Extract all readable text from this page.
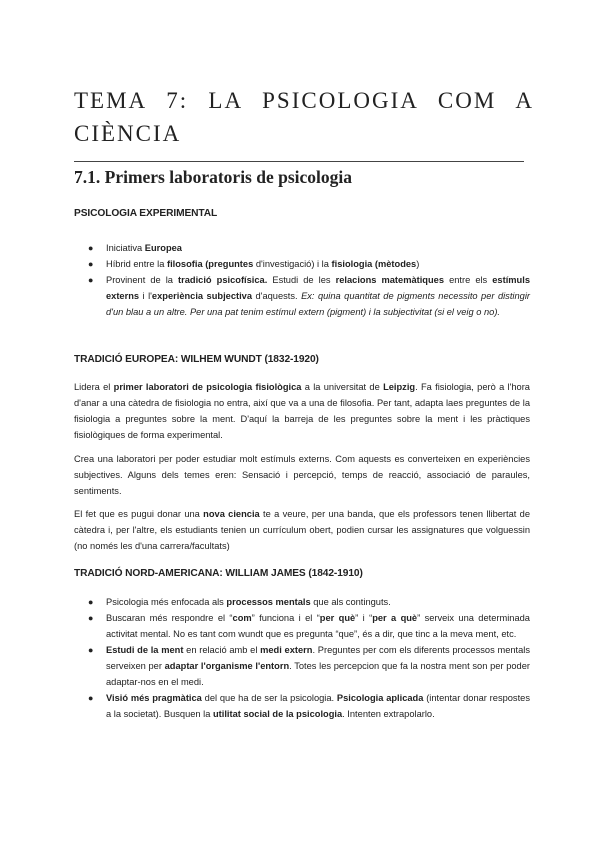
TEMA 7: LA PSICOLOGIA COM A CIÈNCIA
7.1. Primers laboratoris de psicologia
PSICOLOGIA EXPERIMENTAL
● Iniciativa Europea
● Híbrid entre la filosofia (preguntes d'investigació) i la fisiologia (mètodes)
● Provinent de la tradició psicofísica. Estudi de les relacions matemàtiques entre els estímuls externs i l'experiència subjectiva d'aquests. Ex: quina quantitat de pigments necessito per distingir d'un blau a un altre. Per una pat tenim estímul extern (pigment) i la subjectivitat (si el veig o no).
TRADICIÓ EUROPEA: WILHEM WUNDT (1832-1920)

Lidera el primer laboratori de psicologia fisiològica a la universitat de Leipzig. Fa fisiologia, però a l'hora d'anar a una càtedra de fisiologia no entra, així que va a una de filosofia. Per tant, adapta laes preguntes de la fisiologia a preguntes sobre la ment. D'aquí la barreja de les preguntes sobre la ment i les pràctiques fisiològiques de forma experimental.

Crea una laboratori per poder estudiar molt estímuls externs. Com aquests es converteixen en experiències subjectives. Alguns dels temes eren: Sensació i percepció, temps de reacció, associació de paraules, sentiments.

El fet que es pugui donar una nova ciencia te a veure, per una banda, que els professors tenen llibertat de càtedra i, per l'altre, els estudiants tenien un currículum obert, podien cursar les assignatures que volguessin (no només les d'una carrera/facultats)

TRADICIÓ NORD-AMERICANA: WILLIAM JAMES (1842-1910)
● Psicologia més enfocada als processos mentals que als continguts.
● Buscaran més respondre el “com” funciona i el “per què” i “per a què” serveix una determinada activitat mental. No es tant com wundt que es pregunta “que”, és a dir, que tinc a la meva ment, etc.
● Estudi de la ment en relació amb el medi extern. Preguntes per com els diferents processos mentals serveixen per adaptar l'organisme l'entorn. Totes les percepcion que fa la nostra ment son per poder adaptar-nos en el medi.
● Visió més pragmàtica del que ha de ser la psicologia. Psicologia aplicada (intentar donar respostes a la societat). Busquen la utilitat social de la psicologia. Intenten extrapolarlo.
